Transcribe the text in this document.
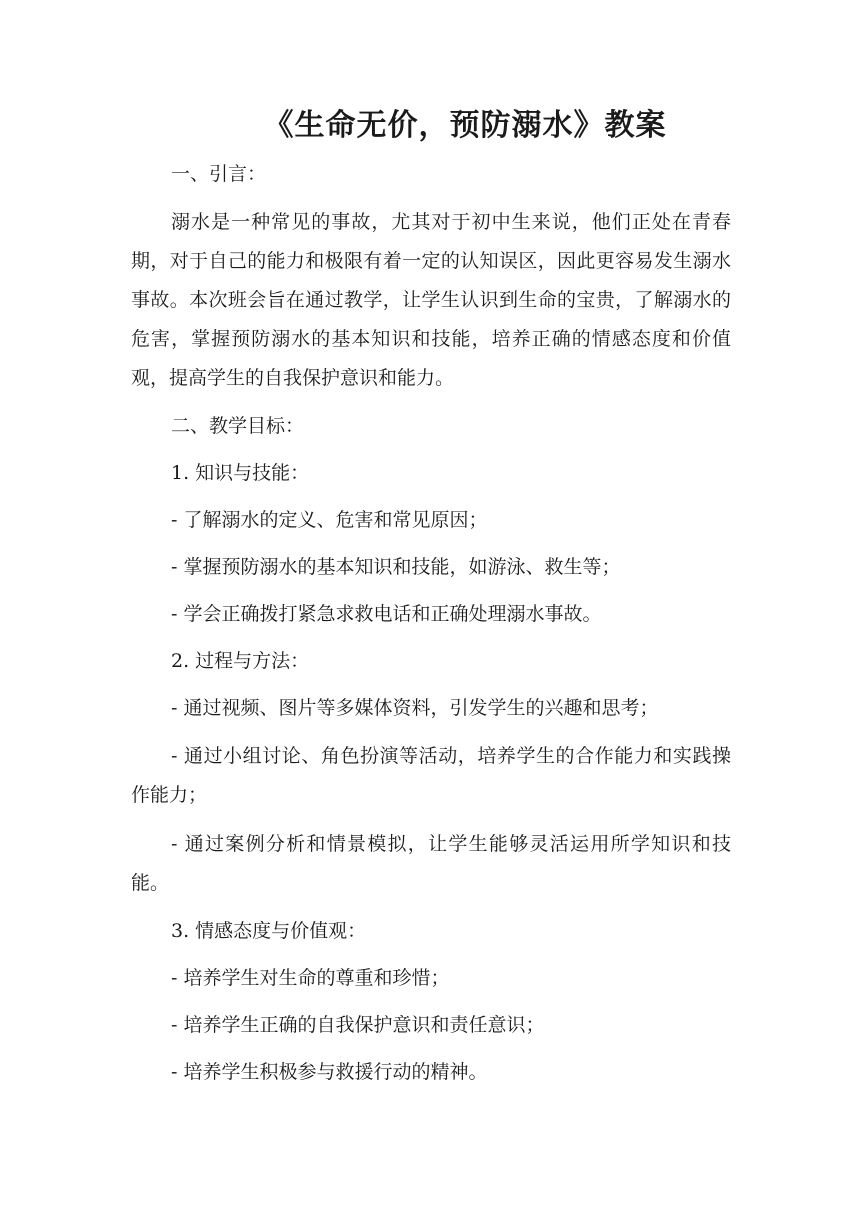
《生命无价，预防溺水》教案

一、引言：

溺水是一种常见的事故，尤其对于初中生来说，他们正处在青春期，对于自己的能力和极限有着一定的认知误区，因此更容易发生溺水事故。本次班会旨在通过教学，让学生认识到生命的宝贵，了解溺水的危害，掌握预防溺水的基本知识和技能，培养正确的情感态度和价值观，提高学生的自我保护意识和能力。

二、教学目标：

1. 知识与技能：

- 了解溺水的定义、危害和常见原因；

- 掌握预防溺水的基本知识和技能，如游泳、救生等；

- 学会正确拨打紧急求救电话和正确处理溺水事故。

2. 过程与方法：

- 通过视频、图片等多媒体资料，引发学生的兴趣和思考；

- 通过小组讨论、角色扮演等活动，培养学生的合作能力和实践操作能力；

- 通过案例分析和情景模拟，让学生能够灵活运用所学知识和技能。

3. 情感态度与价值观：

- 培养学生对生命的尊重和珍惜；

- 培养学生正确的自我保护意识和责任意识；

- 培养学生积极参与救援行动的精神。
